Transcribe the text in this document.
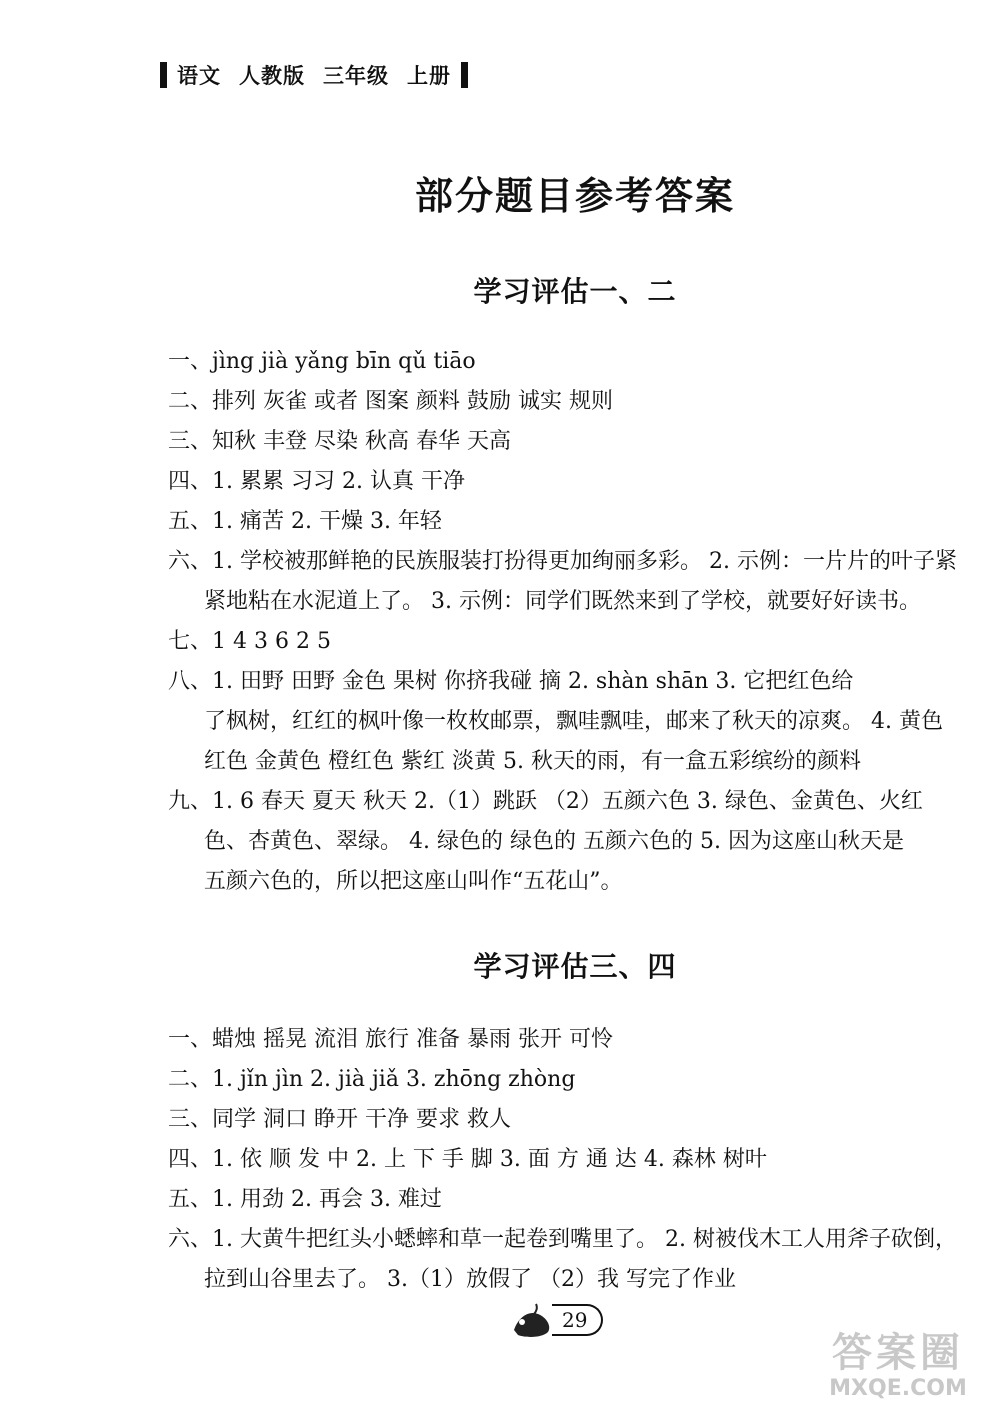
语文 人教版 三年级 上册
部分题目参考答案
学习评估一、二
一、jìng jià yǎng bīn qǔ tiāo
二、排列 灰雀 或者 图案 颜料 鼓励 诚实 规则
三、知秋 丰登 尽染 秋高 春华 天高
四、1. 累累 习习 2. 认真 干净
五、1. 痛苦 2. 干燥 3. 年轻
六、1. 学校被那鲜艳的民族服装打扮得更加绚丽多彩。 2. 示例：一片片的叶子紧
紧地粘在水泥道上了。 3. 示例：同学们既然来到了学校，就要好好读书。
七、1 4 3 6 2 5
八、1. 田野 田野 金色 果树 你挤我碰 摘 2. shàn shān 3. 它把红色给
了枫树，红红的枫叶像一枚枚邮票，飘哇飘哇，邮来了秋天的凉爽。 4. 黄色
红色 金黄色 橙红色 紫红 淡黄 5. 秋天的雨，有一盒五彩缤纷的颜料
九、1. 6 春天 夏天 秋天 2.（1）跳跃 （2）五颜六色 3. 绿色、金黄色、火红
色、杏黄色、翠绿。 4. 绿色的 绿色的 五颜六色的 5. 因为这座山秋天是
五颜六色的，所以把这座山叫作“五花山”。
学习评估三、四
一、蜡烛 摇晃 流泪 旅行 准备 暴雨 张开 可怜
二、1. jǐn jìn 2. jià jiǎ 3. zhōng zhòng
三、同学 洞口 睁开 干净 要求 救人
四、1. 依 顺 发 中 2. 上 下 手 脚 3. 面 方 通 达 4. 森林 树叶
五、1. 用劲 2. 再会 3. 难过
六、1. 大黄牛把红头小蟋蟀和草一起卷到嘴里了。 2. 树被伐木工人用斧子砍倒，
拉到山谷里去了。 3.（1）放假了 （2）我 写完了作业
29
答案圈
MXQE.COM
